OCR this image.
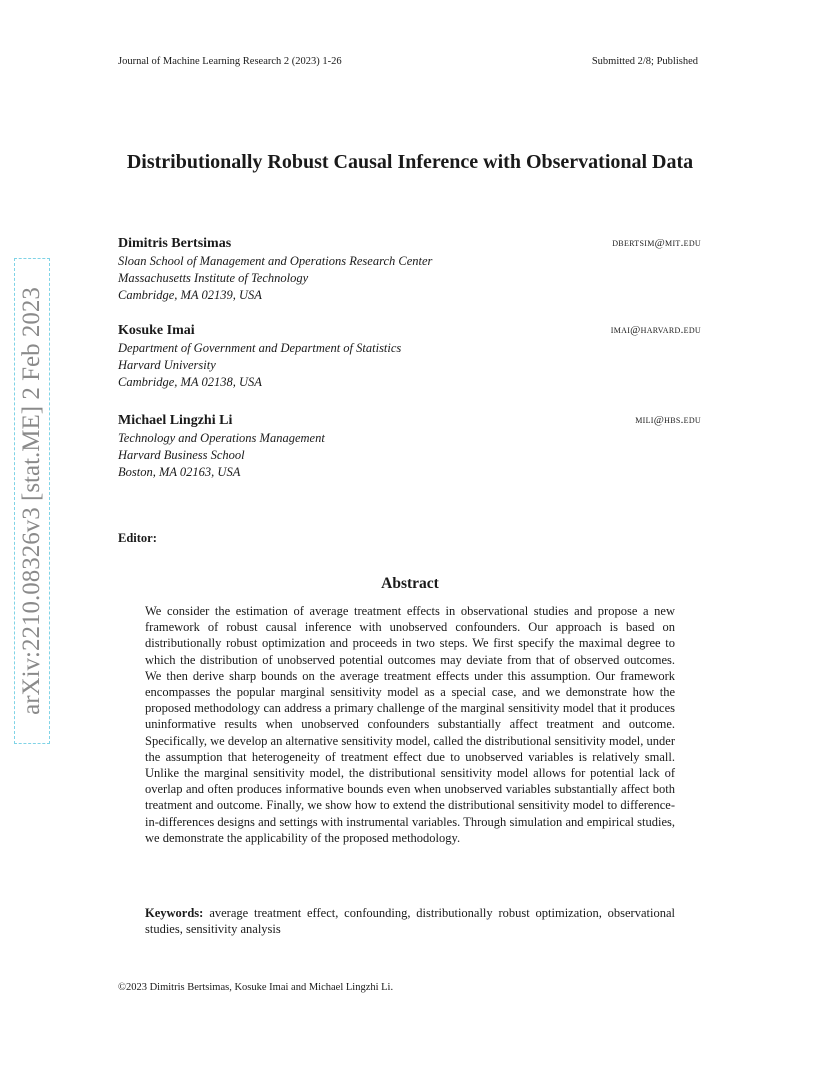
Journal of Machine Learning Research 2 (2023) 1-26	Submitted 2/8; Published
arXiv:2210.08326v3 [stat.ME] 2 Feb 2023
Distributionally Robust Causal Inference with Observational Data
Dimitris Bertsimas	dbertsim@mit.edu
Sloan School of Management and Operations Research Center
Massachusetts Institute of Technology
Cambridge, MA 02139, USA
Kosuke Imai	imai@harvard.edu
Department of Government and Department of Statistics
Harvard University
Cambridge, MA 02138, USA
Michael Lingzhi Li	mili@hbs.edu
Technology and Operations Management
Harvard Business School
Boston, MA 02163, USA
Editor:
Abstract
We consider the estimation of average treatment effects in observational studies and propose a new framework of robust causal inference with unobserved confounders. Our approach is based on distributionally robust optimization and proceeds in two steps. We first specify the maximal degree to which the distribution of unobserved potential outcomes may deviate from that of observed outcomes. We then derive sharp bounds on the average treatment effects under this assumption. Our framework encompasses the popular marginal sensitivity model as a special case, and we demonstrate how the proposed methodology can address a primary challenge of the marginal sensitivity model that it produces uninformative results when unobserved confounders substantially affect treatment and outcome. Specifically, we develop an alternative sensitivity model, called the distributional sensitivity model, under the assumption that heterogeneity of treatment effect due to unobserved variables is relatively small. Unlike the marginal sensitivity model, the distributional sensitivity model allows for potential lack of overlap and often produces informative bounds even when unobserved variables substantially affect both treatment and outcome. Finally, we show how to extend the distributional sensitivity model to difference-in-differences designs and settings with instrumental variables. Through simulation and empirical studies, we demonstrate the applicability of the proposed methodology.
Keywords: average treatment effect, confounding, distributionally robust optimization, observational studies, sensitivity analysis
©2023 Dimitris Bertsimas, Kosuke Imai and Michael Lingzhi Li.
